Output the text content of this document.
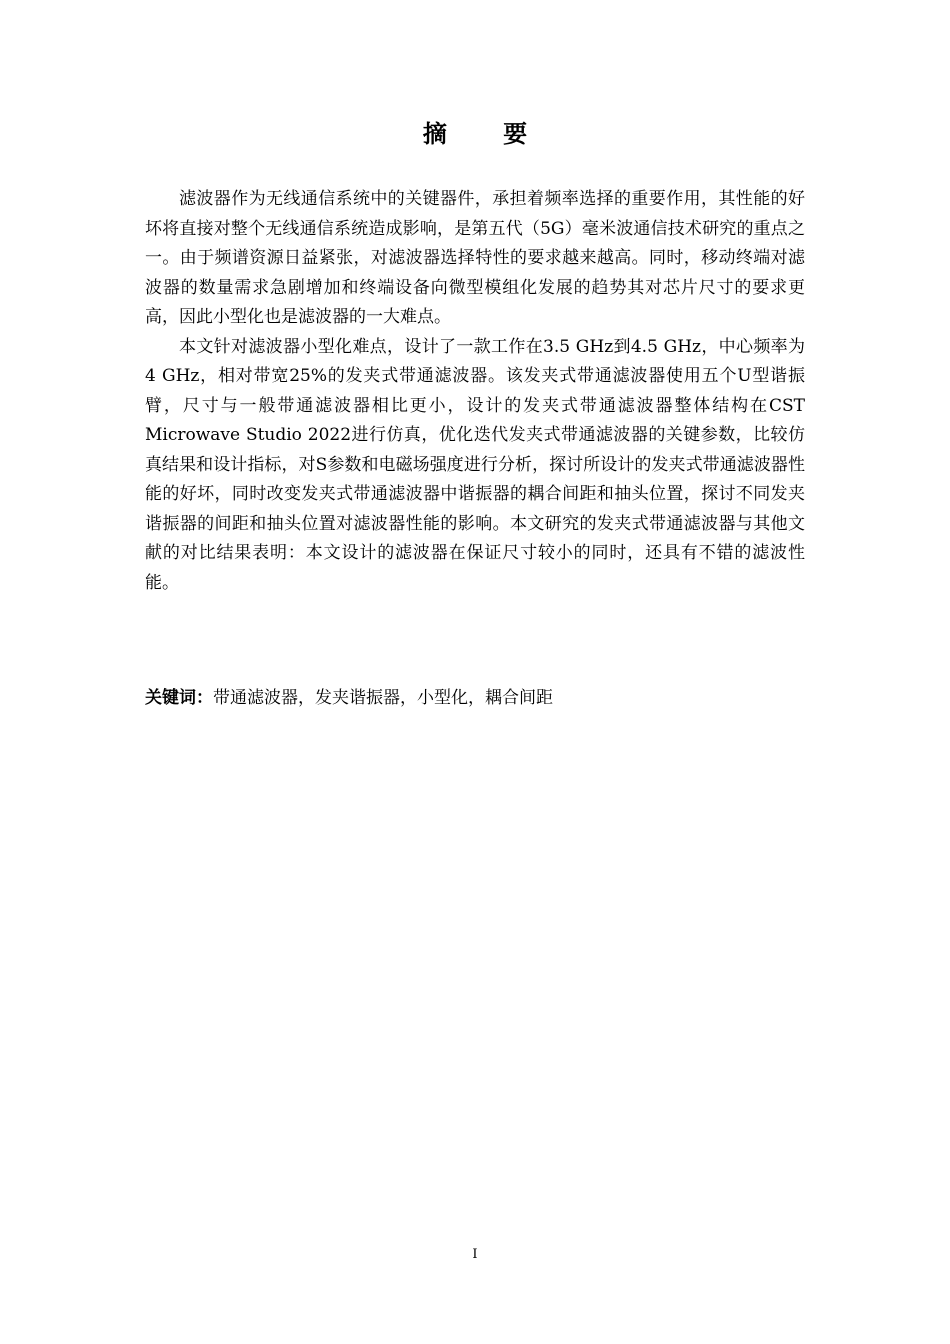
摘 要

滤波器作为无线通信系统中的关键器件，承担着频率选择的重要作用，其性能的好坏将直接对整个无线通信系统造成影响，是第五代（5G）毫米波通信技术研究的重点之一。由于频谱资源日益紧张，对滤波器选择特性的要求越来越高。同时，移动终端对滤波器的数量需求急剧增加和终端设备向微型模组化发展的趋势其对芯片尺寸的要求更高，因此小型化也是滤波器的一大难点。

本文针对滤波器小型化难点，设计了一款工作在3.5 GHz到4.5 GHz，中心频率为4 GHz，相对带宽25%的发夹式带通滤波器。该发夹式带通滤波器使用五个U型谐振臂，尺寸与一般带通滤波器相比更小，设计的发夹式带通滤波器整体结构在CST Microwave Studio 2022进行仿真，优化迭代发夹式带通滤波器的关键参数，比较仿真结果和设计指标，对S参数和电磁场强度进行分析，探讨所设计的发夹式带通滤波器性能的好坏，同时改变发夹式带通滤波器中谐振器的耦合间距和抽头位置，探讨不同发夹谐振器的间距和抽头位置对滤波器性能的影响。本文研究的发夹式带通滤波器与其他文献的对比结果表明：本文设计的滤波器在保证尺寸较小的同时，还具有不错的滤波性能。

关键词：带通滤波器，发夹谐振器，小型化，耦合间距
I
